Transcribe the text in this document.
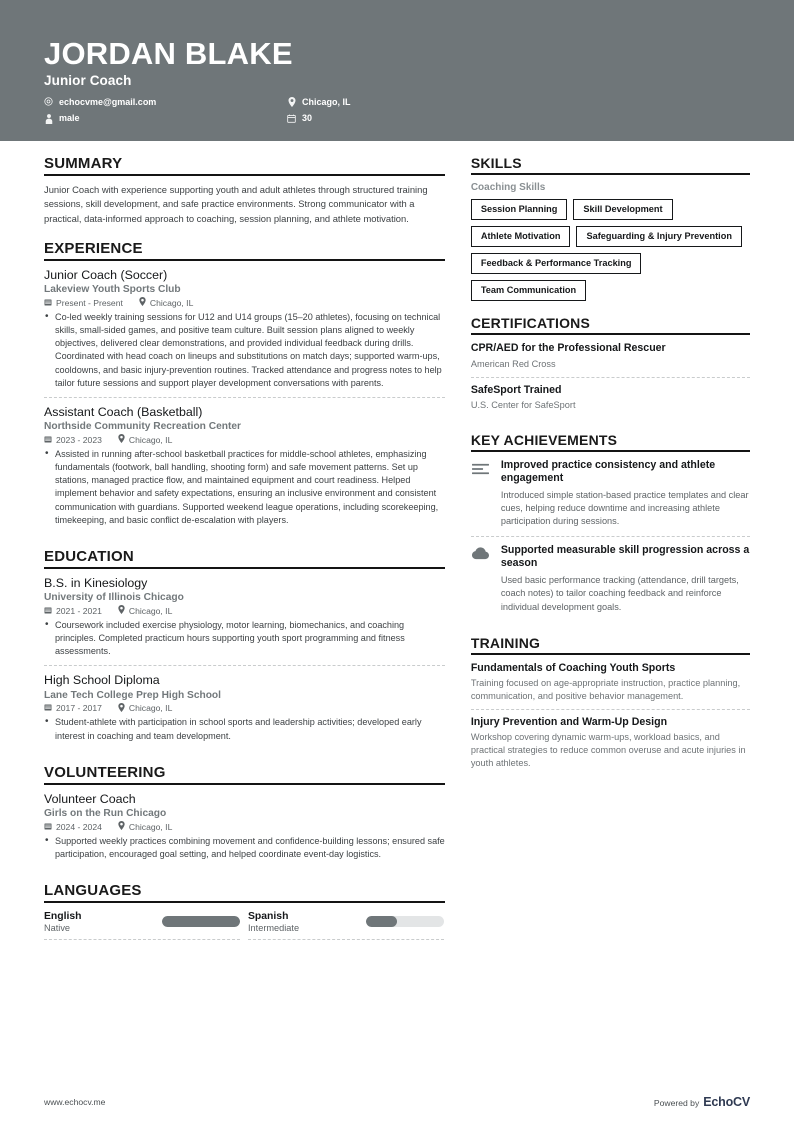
JORDAN BLAKE
Junior Coach
echocvme@gmail.com	Chicago, IL
male	30
SUMMARY
Junior Coach with experience supporting youth and adult athletes through structured training sessions, skill development, and safe practice environments. Strong communicator with a practical, data-informed approach to coaching, session planning, and athlete motivation.
EXPERIENCE
Junior Coach (Soccer)
Lakeview Youth Sports Club
Present - Present	Chicago, IL
• Co-led weekly training sessions for U12 and U14 groups (15–20 athletes), focusing on technical skills, small-sided games, and positive team culture. Built session plans aligned to weekly objectives, delivered clear demonstrations, and provided individual feedback during drills. Coordinated with head coach on lineups and substitutions on match days; supported warm-ups, cooldowns, and basic injury-prevention routines. Tracked attendance and progress notes to help tailor future sessions and support player development conversations with parents.
Assistant Coach (Basketball)
Northside Community Recreation Center
2023 - 2023	Chicago, IL
• Assisted in running after-school basketball practices for middle-school athletes, emphasizing fundamentals (footwork, ball handling, shooting form) and safe movement patterns. Set up stations, managed practice flow, and maintained equipment and court readiness. Helped implement behavior and safety expectations, ensuring an inclusive environment and consistent communication with guardians. Supported weekend league operations, including scorekeeping, timekeeping, and basic conflict de-escalation with players.
EDUCATION
B.S. in Kinesiology
University of Illinois Chicago
2021 - 2021	Chicago, IL
• Coursework included exercise physiology, motor learning, biomechanics, and coaching principles. Completed practicum hours supporting youth sport programming and fitness assessments.
High School Diploma
Lane Tech College Prep High School
2017 - 2017	Chicago, IL
• Student-athlete with participation in school sports and leadership activities; developed early interest in coaching and team development.
VOLUNTEERING
Volunteer Coach
Girls on the Run Chicago
2024 - 2024	Chicago, IL
• Supported weekly practices combining movement and confidence-building lessons; ensured safe participation, encouraged goal setting, and helped coordinate event-day logistics.
LANGUAGES
English
Native
Spanish
Intermediate
SKILLS
Coaching Skills
Session Planning	Skill Development
Athlete Motivation	Safeguarding & Injury Prevention
Feedback & Performance Tracking
Team Communication
CERTIFICATIONS
CPR/AED for the Professional Rescuer
American Red Cross
SafeSport Trained
U.S. Center for SafeSport
KEY ACHIEVEMENTS
Improved practice consistency and athlete engagement
Introduced simple station-based practice templates and clear cues, helping reduce downtime and increasing athlete participation during sessions.
Supported measurable skill progression across a season
Used basic performance tracking (attendance, drill targets, coach notes) to tailor coaching feedback and reinforce individual development goals.
TRAINING
Fundamentals of Coaching Youth Sports
Training focused on age-appropriate instruction, practice planning, communication, and positive behavior management.
Injury Prevention and Warm-Up Design
Workshop covering dynamic warm-ups, workload basics, and practical strategies to reduce common overuse and acute injuries in youth athletes.
www.echocv.me	Powered by EchoCV
